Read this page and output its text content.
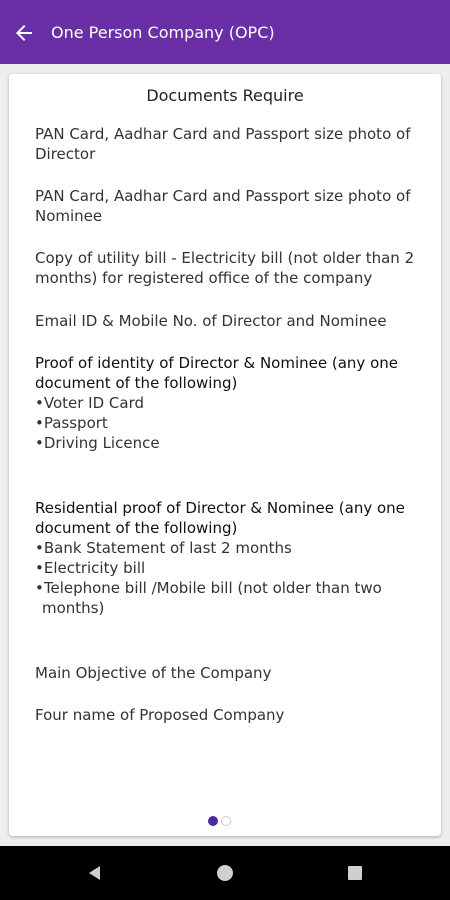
One Person Company (OPC)
Documents Require

PAN Card, Aadhar Card and Passport size photo of Director

PAN Card, Aadhar Card and Passport size photo of Nominee

Copy of utility bill - Electricity bill (not older than 2 months) for registered office of the company

Email ID & Mobile No. of Director and Nominee

Proof of identity of Director & Nominee (any one document of the following)
•Voter ID Card
•Passport
•Driving Licence
Residential proof of Director & Nominee (any one document of the following)
•Bank Statement of last 2 months
•Electricity bill
•Telephone bill /Mobile bill (not older than two months)

Main Objective of the Company

Four name of Proposed Company
